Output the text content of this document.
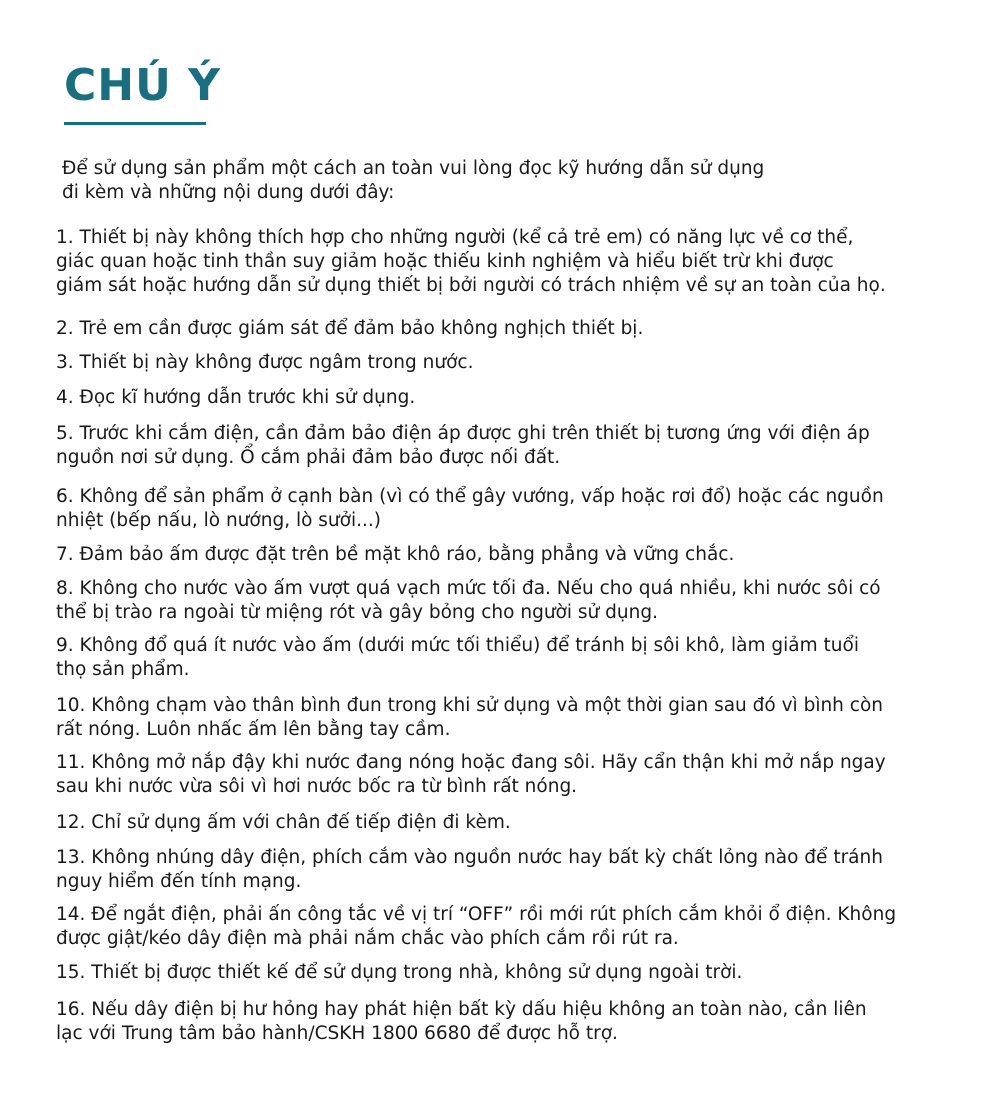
CHÚ Ý

Để sử dụng sản phẩm một cách an toàn vui lòng đọc kỹ hướng dẫn sử dụng
đi kèm và những nội dung dưới đây:

1. Thiết bị này không thích hợp cho những người (kể cả trẻ em) có năng lực về cơ thể,
giác quan hoặc tinh thần suy giảm hoặc thiếu kinh nghiệm và hiểu biết trừ khi được
giám sát hoặc hướng dẫn sử dụng thiết bị bởi người có trách nhiệm về sự an toàn của họ.

2. Trẻ em cần được giám sát để đảm bảo không nghịch thiết bị.

3. Thiết bị này không được ngâm trong nước.

4. Đọc kĩ hướng dẫn trước khi sử dụng.

5. Trước khi cắm điện, cần đảm bảo điện áp được ghi trên thiết bị tương ứng với điện áp
nguồn nơi sử dụng. Ổ cắm phải đảm bảo được nối đất.

6. Không để sản phẩm ở cạnh bàn (vì có thể gây vướng, vấp hoặc rơi đổ) hoặc các nguồn
nhiệt (bếp nấu, lò nướng, lò sưởi...)

7. Đảm bảo ấm được đặt trên bề mặt khô ráo, bằng phẳng và vững chắc.

8. Không cho nước vào ấm vượt quá vạch mức tối đa. Nếu cho quá nhiều, khi nước sôi có
thể bị trào ra ngoài từ miệng rót và gây bỏng cho người sử dụng.

9. Không đổ quá ít nước vào ấm (dưới mức tối thiểu) để tránh bị sôi khô, làm giảm tuổi
thọ sản phẩm.

10. Không chạm vào thân bình đun trong khi sử dụng và một thời gian sau đó vì bình còn
rất nóng. Luôn nhấc ấm lên bằng tay cầm.

11. Không mở nắp đậy khi nước đang nóng hoặc đang sôi. Hãy cẩn thận khi mở nắp ngay
sau khi nước vừa sôi vì hơi nước bốc ra từ bình rất nóng.

12. Chỉ sử dụng ấm với chân đế tiếp điện đi kèm.

13. Không nhúng dây điện, phích cắm vào nguồn nước hay bất kỳ chất lỏng nào để tránh
nguy hiểm đến tính mạng.

14. Để ngắt điện, phải ấn công tắc về vị trí “OFF” rồi mới rút phích cắm khỏi ổ điện. Không
được giật/kéo dây điện mà phải nắm chắc vào phích cắm rồi rút ra.

15. Thiết bị được thiết kế để sử dụng trong nhà, không sử dụng ngoài trời.

16. Nếu dây điện bị hư hỏng hay phát hiện bất kỳ dấu hiệu không an toàn nào, cần liên
lạc với Trung tâm bảo hành/CSKH 1800 6680 để được hỗ trợ.
